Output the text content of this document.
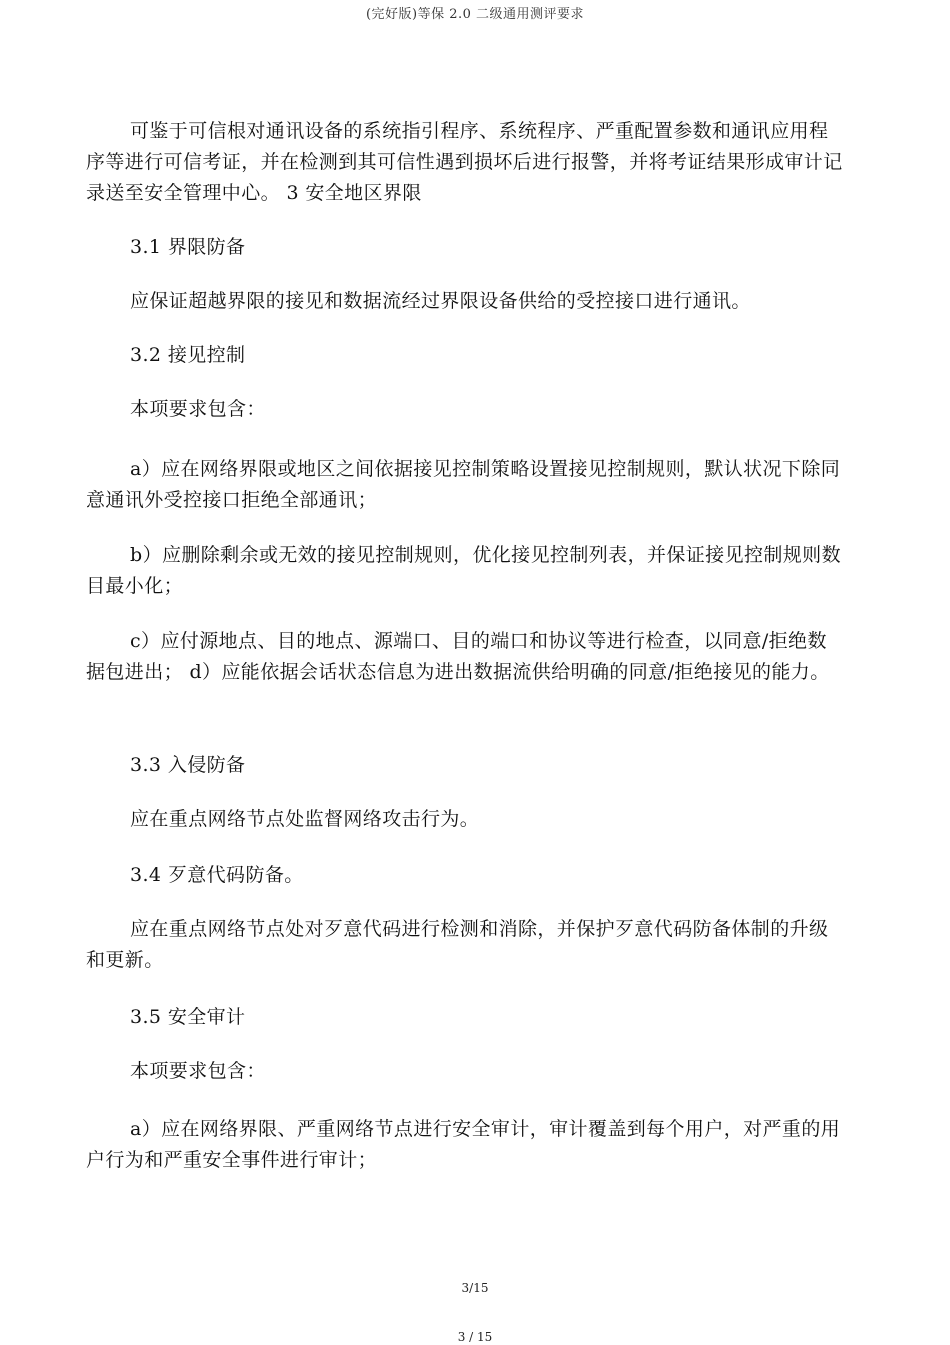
(完好版)等保 2.0 二级通用测评要求
可鉴于可信根对通讯设备的系统指引程序、系统程序、严重配置参数和通讯应用程序等进行可信考证，并在检测到其可信性遇到损坏后进行报警，并将考证结果形成审计记录送至安全管理中心。 3 安全地区界限
3.1 界限防备
应保证超越界限的接见和数据流经过界限设备供给的受控接口进行通讯。
3.2 接见控制
本项要求包含：
a）应在网络界限或地区之间依据接见控制策略设置接见控制规则，默认状况下除同意通讯外受控接口拒绝全部通讯；
b）应删除剩余或无效的接见控制规则，优化接见控制列表，并保证接见控制规则数目最小化；
c）应付源地点、目的地点、源端口、目的端口和协议等进行检查，以同意/拒绝数据包进出； d）应能依据会话状态信息为进出数据流供给明确的同意/拒绝接见的能力。
3.3 入侵防备
应在重点网络节点处监督网络攻击行为。
3.4 歹意代码防备。
应在重点网络节点处对歹意代码进行检测和消除，并保护歹意代码防备体制的升级和更新。
3.5 安全审计
本项要求包含：
a）应在网络界限、严重网络节点进行安全审计，审计覆盖到每个用户，对严重的用户行为和严重安全事件进行审计；
3/15
3 / 15
